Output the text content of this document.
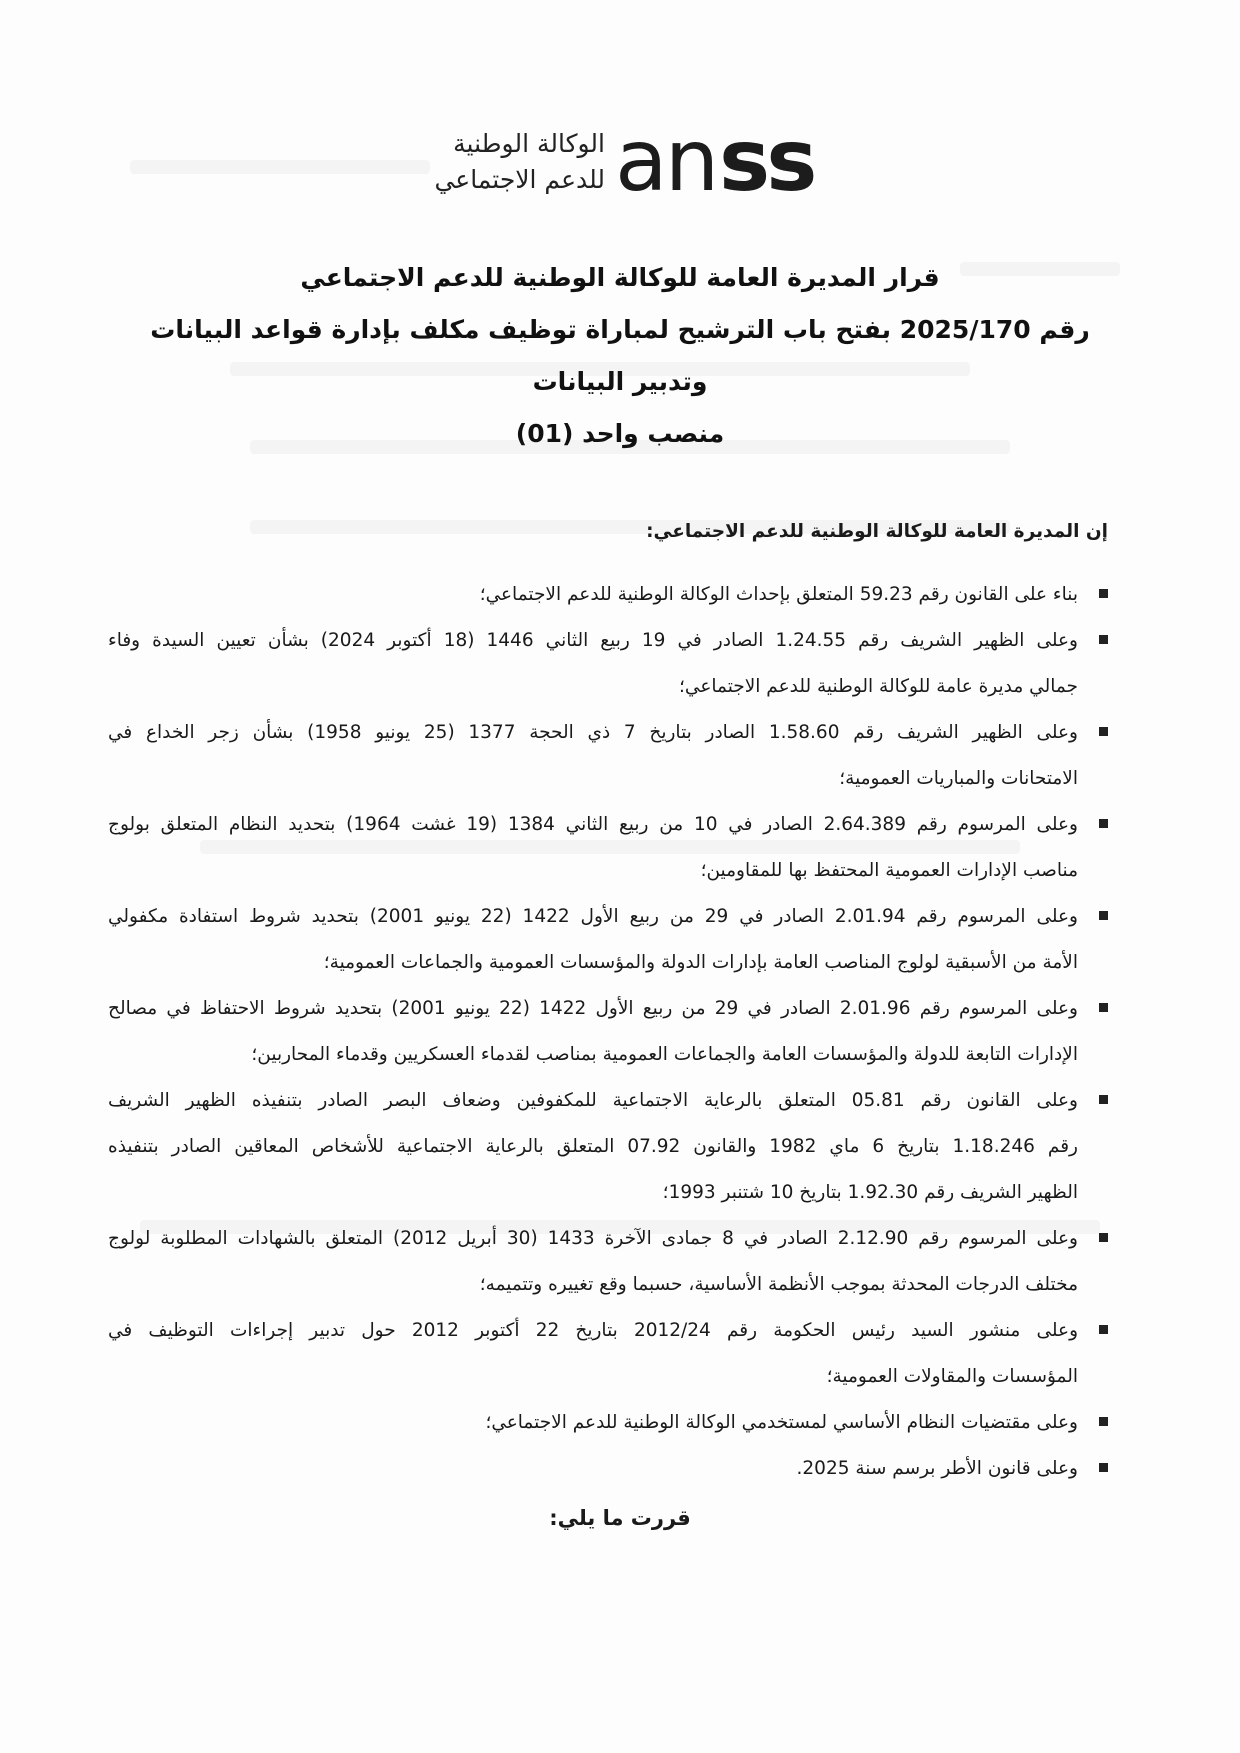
an ss
الوكالة الوطنية
للدعم الاجتماعي
قرار المديرة العامة للوكالة الوطنية للدعم الاجتماعي
رقم 2025/170 بفتح باب الترشيح لمباراة توظيف مكلف بإدارة قواعد البيانات
وتدبير البيانات
منصب واحد (01)
إن المديرة العامة للوكالة الوطنية للدعم الاجتماعي:
بناء على القانون رقم 59.23 المتعلق بإحداث الوكالة الوطنية للدعم الاجتماعي؛
وعلى الظهير الشريف رقم 1.24.55 الصادر في 19 ربيع الثاني 1446 (18 أكتوبر 2024) بشأن تعيين السيدة وفاء
جمالي مديرة عامة للوكالة الوطنية للدعم الاجتماعي؛
وعلى الظهير الشريف رقم 1.58.60 الصادر بتاريخ 7 ذي الحجة 1377 (25 يونيو 1958) بشأن زجر الخداع في
الامتحانات والمباريات العمومية؛
وعلى المرسوم رقم 2.64.389 الصادر في 10 من ربيع الثاني 1384 (19 غشت 1964) بتحديد النظام المتعلق بولوج
مناصب الإدارات العمومية المحتفظ بها للمقاومين؛
وعلى المرسوم رقم 2.01.94 الصادر في 29 من ربيع الأول 1422 (22 يونيو 2001) بتحديد شروط استفادة مكفولي
الأمة من الأسبقية لولوج المناصب العامة بإدارات الدولة والمؤسسات العمومية والجماعات العمومية؛
وعلى المرسوم رقم 2.01.96 الصادر في 29 من ربيع الأول 1422 (22 يونيو 2001) بتحديد شروط الاحتفاظ في مصالح
الإدارات التابعة للدولة والمؤسسات العامة والجماعات العمومية بمناصب لقدماء العسكريين وقدماء المحاربين؛
وعلى القانون رقم 05.81 المتعلق بالرعاية الاجتماعية للمكفوفين وضعاف البصر الصادر بتنفيذه الظهير الشريف
رقم 1.18.246 بتاريخ 6 ماي 1982 والقانون 07.92 المتعلق بالرعاية الاجتماعية للأشخاص المعاقين الصادر بتنفيذه
الظهير الشريف رقم 1.92.30 بتاريخ 10 شتنبر 1993؛
وعلى المرسوم رقم 2.12.90 الصادر في 8 جمادى الآخرة 1433 (30 أبريل 2012) المتعلق بالشهادات المطلوبة لولوج
مختلف الدرجات المحدثة بموجب الأنظمة الأساسية، حسبما وقع تغييره وتتميمه؛
وعلى منشور السيد رئيس الحكومة رقم 2012/24 بتاريخ 22 أكتوبر 2012 حول تدبير إجراءات التوظيف في
المؤسسات والمقاولات العمومية؛
وعلى مقتضيات النظام الأساسي لمستخدمي الوكالة الوطنية للدعم الاجتماعي؛
وعلى قانون الأطر برسم سنة 2025.
قررت ما يلي:
